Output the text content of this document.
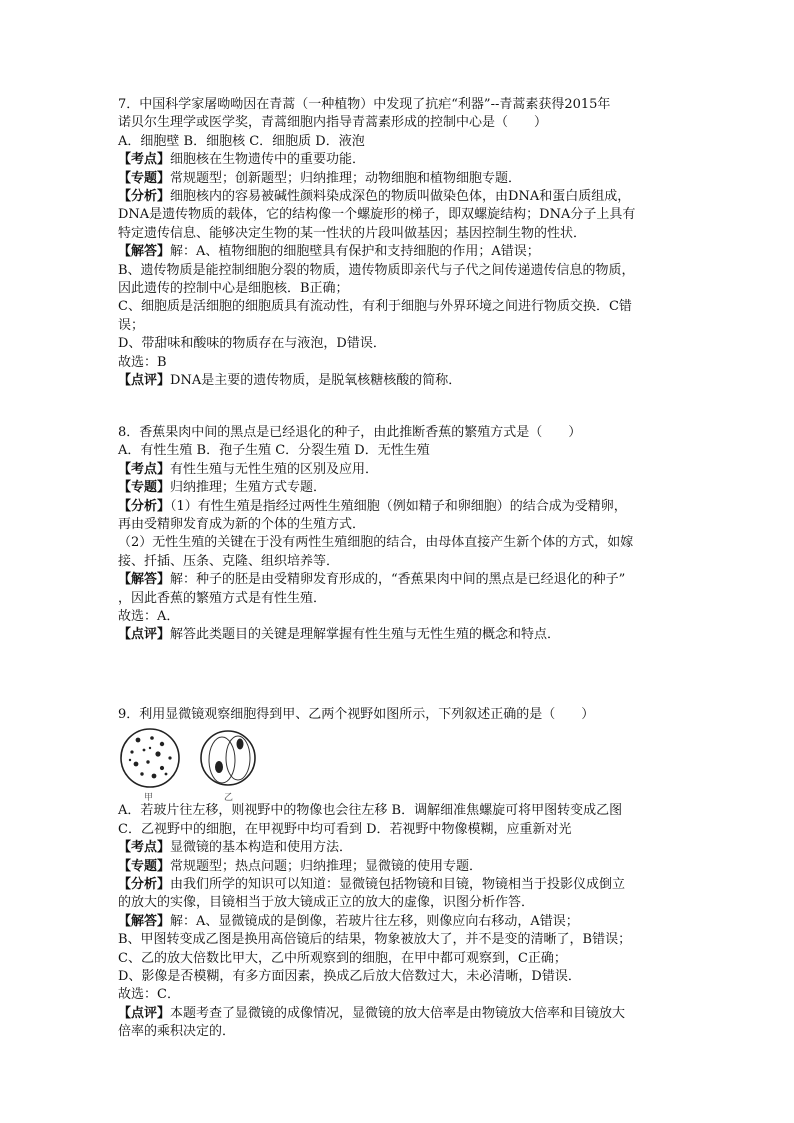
7．中国科学家屠呦呦因在青蒿（一种植物）中发现了抗疟“利器”--青蒿素获得2015年
诺贝尔生理学或医学奖，青蒿细胞内指导青蒿素形成的控制中心是（　　）
A．细胞壁 B．细胞核 C．细胞质 D．液泡
【考点】细胞核在生物遗传中的重要功能．
【专题】常规题型；创新题型；归纳推理；动物细胞和植物细胞专题．
【分析】细胞核内的容易被碱性颜料染成深色的物质叫做染色体，由DNA和蛋白质组成，
DNA是遗传物质的载体，它的结构像一个螺旋形的梯子，即双螺旋结构；DNA分子上具有
特定遗传信息、能够决定生物的某一性状的片段叫做基因；基因控制生物的性状．
【解答】解：A、植物细胞的细胞壁具有保护和支持细胞的作用；A错误；
B、遗传物质是能控制细胞分裂的物质，遗传物质即亲代与子代之间传递遗传信息的物质，
因此遗传的控制中心是细胞核．B正确；
C、细胞质是活细胞的细胞质具有流动性，有利于细胞与外界环境之间进行物质交换．C错
误；
D、带甜味和酸味的物质存在与液泡，D错误．
故选：B
【点评】DNA是主要的遗传物质，是脱氧核糖核酸的简称．
8．香蕉果肉中间的黑点是已经退化的种子，由此推断香蕉的繁殖方式是（　　）
A．有性生殖 B．孢子生殖 C．分裂生殖 D．无性生殖
【考点】有性生殖与无性生殖的区别及应用．
【专题】归纳推理；生殖方式专题．
【分析】（1）有性生殖是指经过两性生殖细胞（例如精子和卵细胞）的结合成为受精卵，
再由受精卵发育成为新的个体的生殖方式．
（2）无性生殖的关键在于没有两性生殖细胞的结合，由母体直接产生新个体的方式，如嫁
接、扦插、压条、克隆、组织培养等．
【解答】解：种子的胚是由受精卵发育形成的，“香蕉果肉中间的黑点是已经退化的种子”
，因此香蕉的繁殖方式是有性生殖．
故选：A．
【点评】解答此类题目的关键是理解掌握有性生殖与无性生殖的概念和特点．
9．利用显微镜观察细胞得到甲、乙两个视野如图所示，下列叙述正确的是（　　）
甲	乙
A．若玻片往左移，则视野中的物像也会往左移 B．调解细准焦螺旋可将甲图转变成乙图
C．乙视野中的细胞，在甲视野中均可看到 D．若视野中物像模糊，应重新对光
【考点】显微镜的基本构造和使用方法．
【专题】常规题型；热点问题；归纳推理；显微镜的使用专题．
【分析】由我们所学的知识可以知道：显微镜包括物镜和目镜，物镜相当于投影仪成倒立
的放大的实像，目镜相当于放大镜成正立的放大的虚像，识图分析作答．
【解答】解：A、显微镜成的是倒像，若玻片往左移，则像应向右移动，A错误；
B、甲图转变成乙图是换用高倍镜后的结果，物象被放大了，并不是变的清晰了，B错误；
C、乙的放大倍数比甲大，乙中所观察到的细胞，在甲中都可观察到，C正确；
D、影像是否模糊，有多方面因素，换成乙后放大倍数过大，未必清晰，D错误．
故选：C．
【点评】本题考查了显微镜的成像情况，显微镜的放大倍率是由物镜放大倍率和目镜放大
倍率的乘积决定的．
